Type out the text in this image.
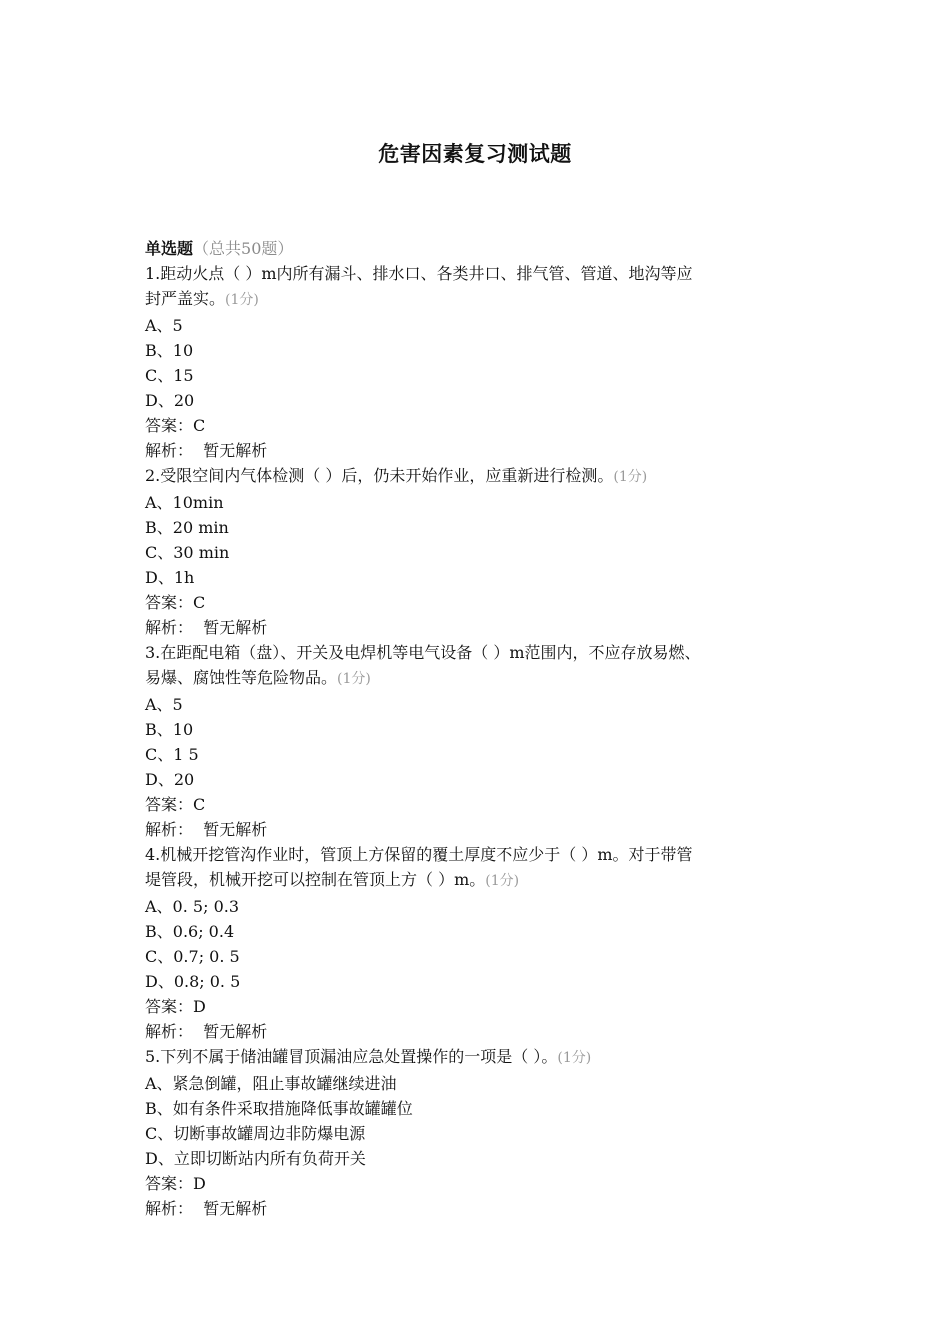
危害因素复习测试题
单选题（总共50题）
1.距动火点（ ）m内所有漏斗、排水口、各类井口、排气管、管道、地沟等应
封严盖实。(1分)
A、5
B、10
C、15
D、20
答案：C
解析： 暂无解析
2.受限空间内气体检测（ ）后，仍未开始作业，应重新进行检测。(1分)
A、10min
B、20 min
C、30 min
D、1h
答案：C
解析： 暂无解析
3.在距配电箱（盘）、开关及电焊机等电气设备（ ）m范围内，不应存放易燃、
易爆、腐蚀性等危险物品。(1分)
A、5
B、10
C、1 5
D、20
答案：C
解析： 暂无解析
4.机械开挖管沟作业时，管顶上方保留的覆土厚度不应少于（ ）m。对于带管
堤管段，机械开挖可以控制在管顶上方（ ）m。(1分)
A、0. 5; 0.3
B、0.6; 0.4
C、0.7; 0. 5
D、0.8; 0. 5
答案：D
解析： 暂无解析
5.下列不属于储油罐冒顶漏油应急处置操作的一项是（ ）。(1分)
A、紧急倒罐，阻止事故罐继续进油
B、如有条件采取措施降低事故罐罐位
C、切断事故罐周边非防爆电源
D、立即切断站内所有负荷开关
答案：D
解析： 暂无解析
